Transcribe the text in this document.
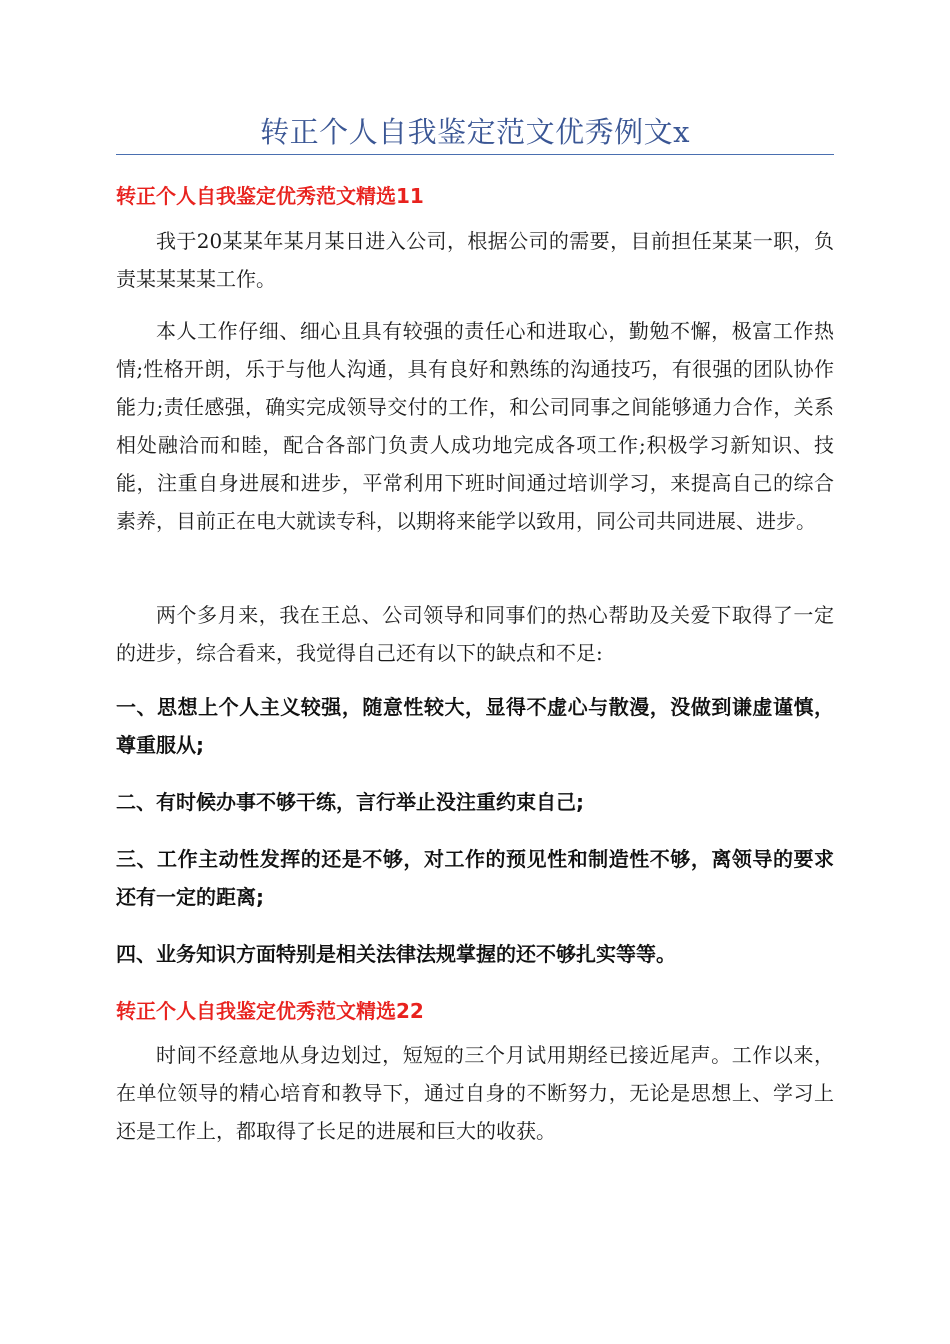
转正个人自我鉴定范文优秀例文x
转正个人自我鉴定优秀范文精选11

我于20某某年某月某日进入公司，根据公司的需要，目前担任某某一职，负责某某某某工作。

本人工作仔细、细心且具有较强的责任心和进取心，勤勉不懈，极富工作热情;性格开朗，乐于与他人沟通，具有良好和熟练的沟通技巧，有很强的团队协作能力;责任感强，确实完成领导交付的工作，和公司同事之间能够通力合作，关系相处融洽而和睦，配合各部门负责人成功地完成各项工作;积极学习新知识、技能，注重自身进展和进步，平常利用下班时间通过培训学习，来提高自己的综合素养，目前正在电大就读专科，以期将来能学以致用，同公司共同进展、进步。

两个多月来，我在王总、公司领导和同事们的热心帮助及关爱下取得了一定的进步，综合看来，我觉得自己还有以下的缺点和不足:

一、思想上个人主义较强，随意性较大，显得不虚心与散漫，没做到谦虚谨慎，尊重服从;

二、有时候办事不够干练，言行举止没注重约束自己;

三、工作主动性发挥的还是不够，对工作的预见性和制造性不够，离领导的要求还有一定的距离;

四、业务知识方面特别是相关法律法规掌握的还不够扎实等等。

转正个人自我鉴定优秀范文精选22

时间不经意地从身边划过，短短的三个月试用期经已接近尾声。工作以来，在单位领导的精心培育和教导下，通过自身的不断努力，无论是思想上、学习上还是工作上，都取得了长足的进展和巨大的收获。
